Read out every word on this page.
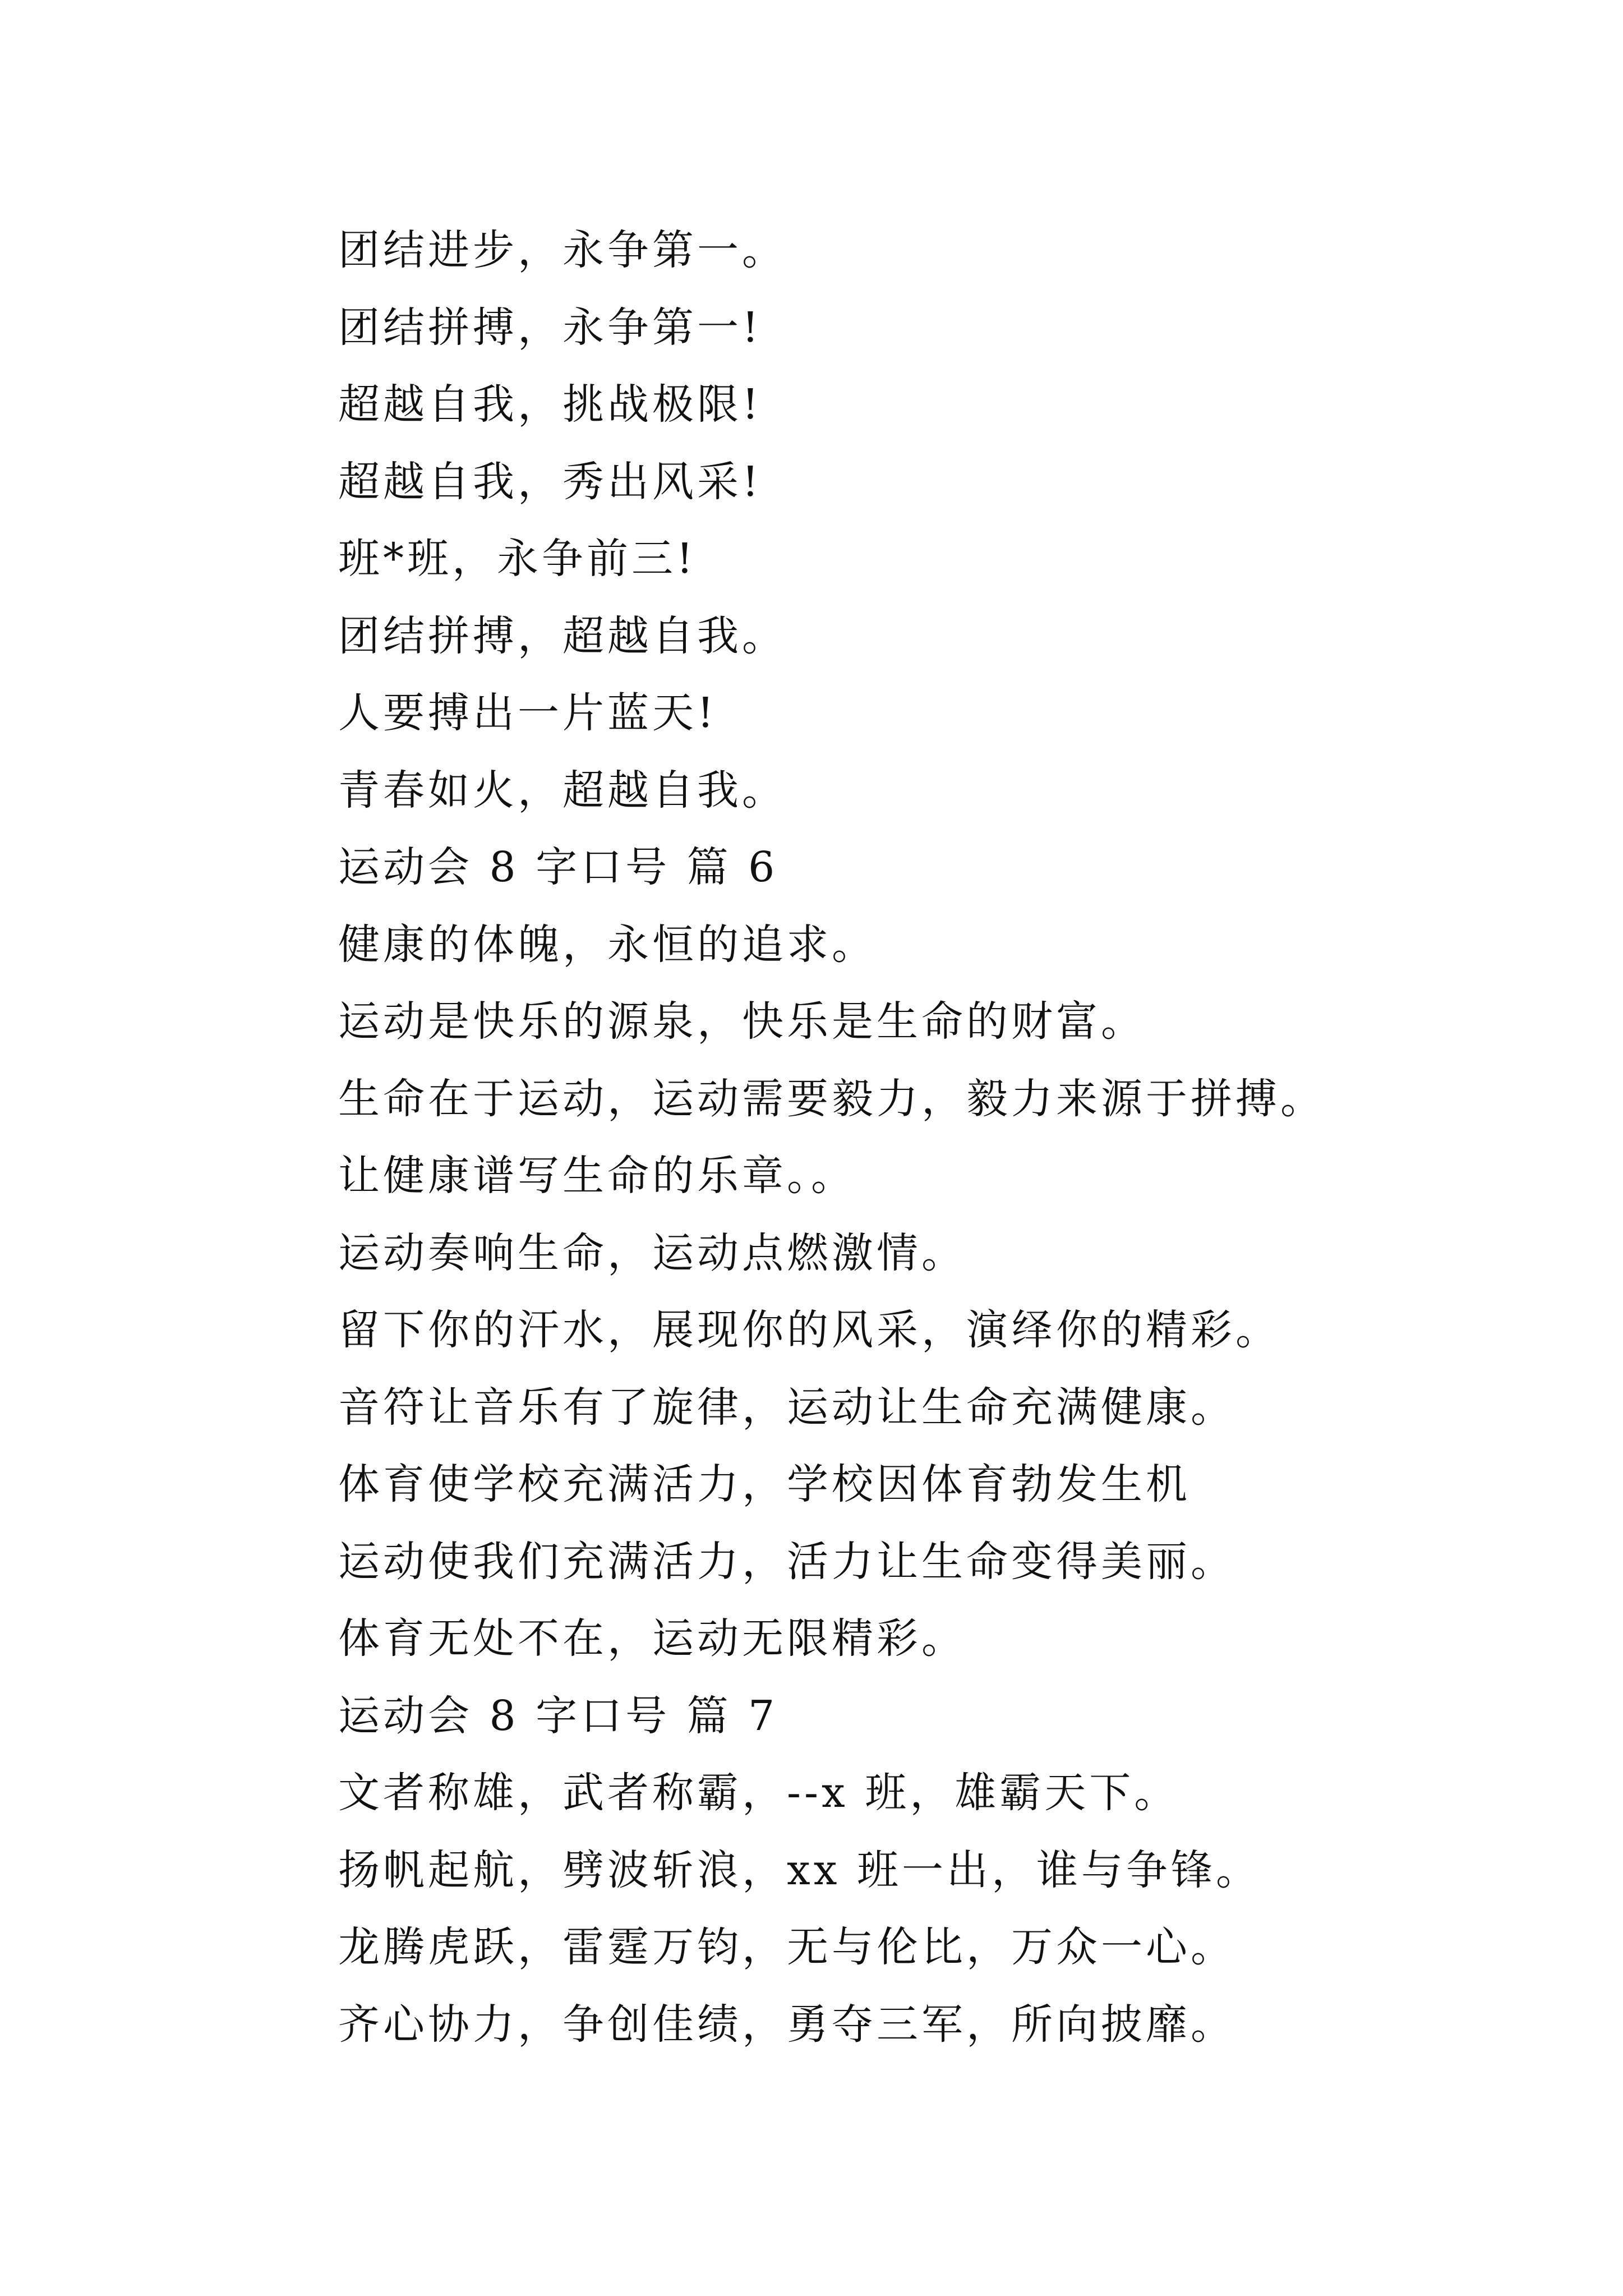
团结进步，永争第一。
团结拼搏，永争第一!
超越自我，挑战极限!
超越自我，秀出风采!
班*班，永争前三!
团结拼搏，超越自我。
人要搏出一片蓝天!
青春如火，超越自我。
运动会 8 字口号 篇 6
健康的体魄，永恒的追求。
运动是快乐的源泉，快乐是生命的财富。
生命在于运动，运动需要毅力，毅力来源于拼搏。
让健康谱写生命的乐章。。
运动奏响生命，运动点燃激情。
留下你的汗水，展现你的风采，演绎你的精彩。
音符让音乐有了旋律，运动让生命充满健康。
体育使学校充满活力，学校因体育勃发生机
运动使我们充满活力，活力让生命变得美丽。
体育无处不在，运动无限精彩。
运动会 8 字口号 篇 7
文者称雄，武者称霸，--x 班，雄霸天下。
扬帆起航，劈波斩浪，xx 班一出，谁与争锋。
龙腾虎跃，雷霆万钧，无与伦比，万众一心。
齐心协力，争创佳绩，勇夺三军，所向披靡。
